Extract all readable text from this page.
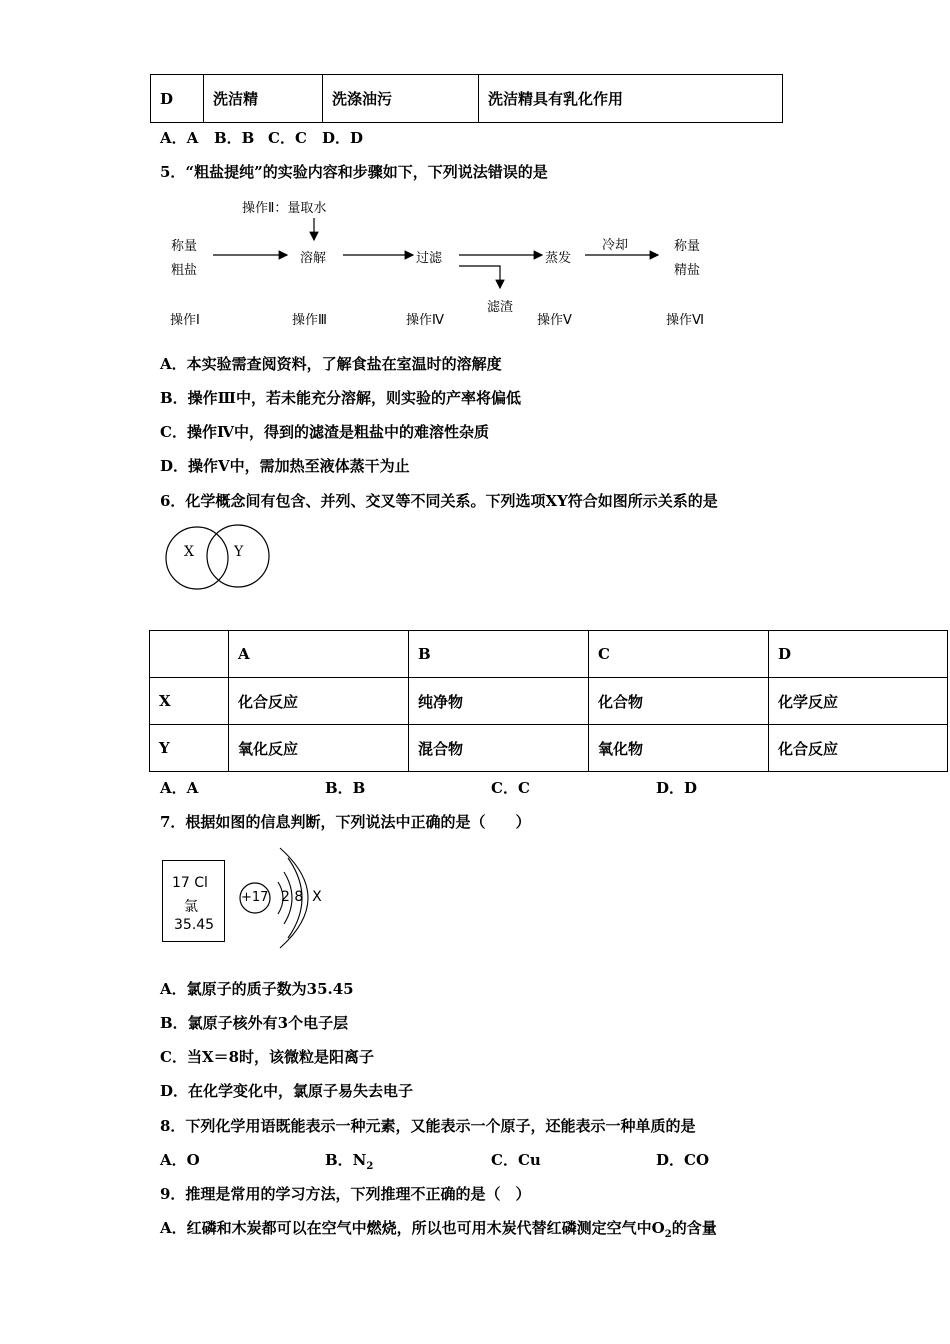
D	洗洁精	洗涤油污	洗洁精具有乳化作用
A．A B．B C．C D．D
5．“粗盐提纯”的实验内容和步骤如下，下列说法错误的是
操作Ⅱ：量取水
称量
粗盐
溶解	过滤	蒸发
冷却	称量
精盐
滤渣
操作Ⅰ	操作Ⅲ	操作Ⅳ	操作Ⅴ	操作Ⅵ
A．本实验需查阅资料，了解食盐在室温时的溶解度
B．操作Ⅲ中，若未能充分溶解，则实验的产率将偏低
C．操作Ⅳ中，得到的滤渣是粗盐中的难溶性杂质
D．操作Ⅴ中，需加热至液体蒸干为止
6．化学概念间有包含、并列、交叉等不同关系。下列选项XY符合如图所示关系的是
X	Y
	A	B	C	D
X	化合反应	纯净物	化合物	化学反应
Y	氧化反应	混合物	氧化物	化合反应
A．A	B．B	C．C	D．D
7．根据如图的信息判断，下列说法中正确的是（　　）
17 Cl
氯
35.45
+17 2 8  X
A．氯原子的质子数为35.45
B．氯原子核外有3个电子层
C．当X＝8时，该微粒是阳离子
D．在化学变化中，氯原子易失去电子
8．下列化学用语既能表示一种元素，又能表示一个原子，还能表示一种单质的是
A．O	B．$N_2$	C．Cu	D．CO
9．推理是常用的学习方法，下列推理不正确的是（　）
A．红磷和木炭都可以在空气中燃烧，所以也可用木炭代替红磷测定空气中$O_2$的含量
